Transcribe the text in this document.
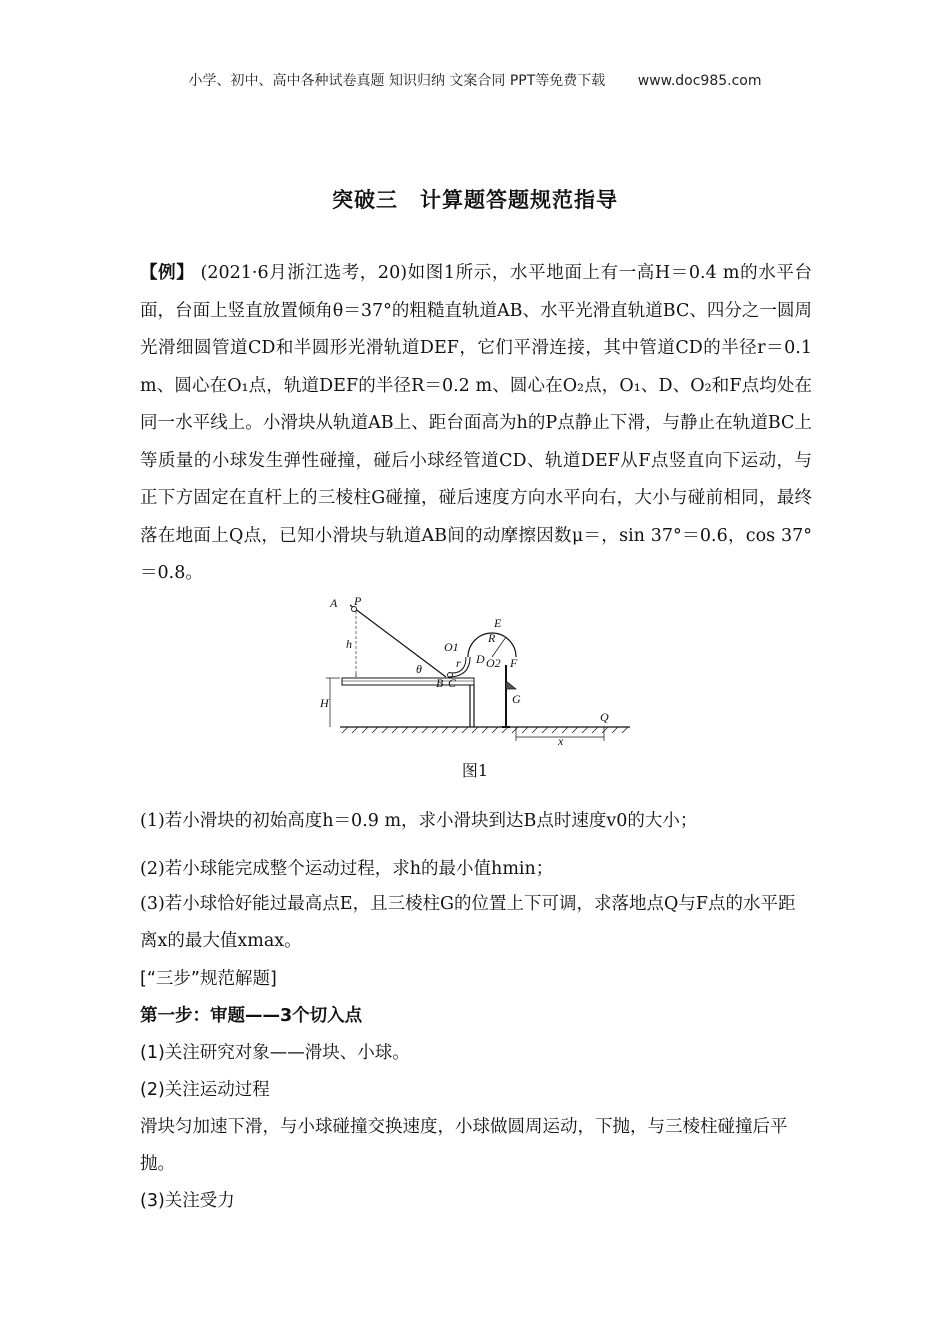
小学、初中、高中各种试卷真题 知识归纳 文案合同 PPT等免费下载 www.doc985.com
突破三　计算题答题规范指导
【例】 (2021·6月浙江选考，20)如图1所示，水平地面上有一高H＝0.4 m的水平台面，台面上竖直放置倾角θ＝37°的粗糙直轨道AB、水平光滑直轨道BC、四分之一圆周光滑细圆管道CD和半圆形光滑轨道DEF，它们平滑连接，其中管道CD的半径r＝0.1 m、圆心在O₁点，轨道DEF的半径R＝0.2 m、圆心在O₂点，O₁、D、O₂和F点均处在同一水平线上。小滑块从轨道AB上、距台面高为h的P点静止下滑，与静止在轨道BC上等质量的小球发生弹性碰撞，碰后小球经管道CD、轨道DEF从F点竖直向下运动，与正下方固定在直杆上的三棱柱G碰撞，碰后速度方向水平向右，大小与碰前相同，最终落在地面上Q点，已知小滑块与轨道AB间的动摩擦因数μ＝，sin 37°＝0.6，cos 37°＝0.8。
A P
h
θ
B C
O1
r D O2
E
R
F
G
H
Q
x
图1
(1)若小滑块的初始高度h＝0.9 m，求小滑块到达B点时速度v0的大小；
(2)若小球能完成整个运动过程，求h的最小值hmin；
(3)若小球恰好能过最高点E，且三棱柱G的位置上下可调，求落地点Q与F点的水平距离x的最大值xmax。
[“三步”规范解题]
第一步：审题——3个切入点
(1)关注研究对象——滑块、小球。
(2)关注运动过程
滑块匀加速下滑，与小球碰撞交换速度，小球做圆周运动，下抛，与三棱柱碰撞后平抛。
(3)关注受力
